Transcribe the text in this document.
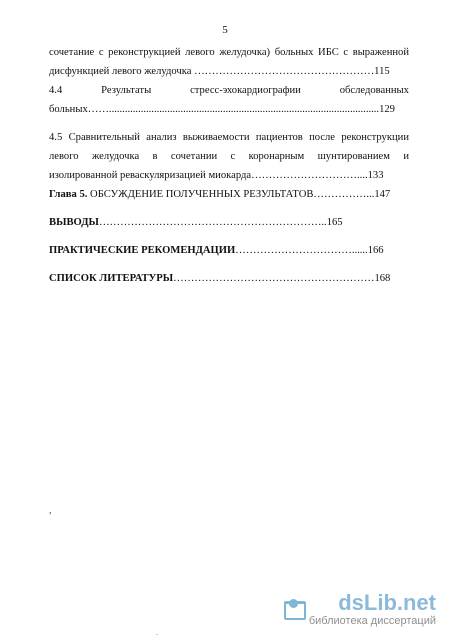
5

сочетание с реконструкцией левого желудочка) больных ИБС с выраженной

дисфункцией левого желудочка ……………………………………………115

4.4	Результаты	стресс-эхокардиографии	обследованных

больных……......................................................................................................129

4.5 Сравнительный анализ выживаемости пациентов после реконструкции

левого желудочка в сочетании с коронарным шунтированием и

изолированной реваскуляризацией миокарда…………………………....133

Глава 5. ОБСУЖДЕНИЕ ПОЛУЧЕННЫХ РЕЗУЛЬТАТОВ……………...147
ВЫВОДЫ………………………………………………………..165
ПРАКТИЧЕСКИЕ РЕКОМЕНДАЦИИ……………………………......166
СПИСОК ЛИТЕРАТУРЫ…………………………………………………168
,
.
dsLib.net
библиотека диссертаций
